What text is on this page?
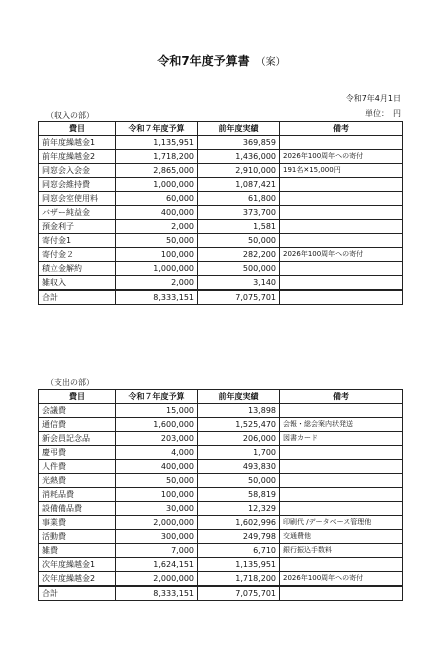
令和7年度予算書 （案）
令和7年4月1日
単位：　円
（収入の部）
費目	令和７年度予算	前年度実績	備考
前年度繰越金1	1,135,951	369,859	
前年度繰越金2	1,718,200	1,436,000	2026年100周年への寄付
同窓会入会金	2,865,000	2,910,000	191名✕15,000円
同窓会維持費	1,000,000	1,087,421	
同窓会室使用料	60,000	61,800	
バザー純益金	400,000	373,700	
預金利子	2,000	1,581	
寄付金1	50,000	50,000	
寄付金２	100,000	282,200	2026年100周年への寄付
積立金解約	1,000,000	500,000	
雑収入	2,000	3,140	
合計	8,333,151	7,075,701	
（支出の部）
費目	令和７年度予算	前年度実績	備考
会議費	15,000	13,898	
通信費	1,600,000	1,525,470	会報・総会案内状発送
新会員記念品	203,000	206,000	図書カード
慶弔費	4,000	1,700	
人件費	400,000	493,830	
光熱費	50,000	50,000	
消耗品費	100,000	58,819	
設備備品費	30,000	12,329	
事業費	2,000,000	1,602,996	印刷代 /データベース管理他
活動費	300,000	249,798	交通費他
雑費	7,000	6,710	銀行振込手数料
次年度繰越金1	1,624,151	1,135,951	
次年度繰越金2	2,000,000	1,718,200	2026年100周年への寄付
合計	8,333,151	7,075,701	
